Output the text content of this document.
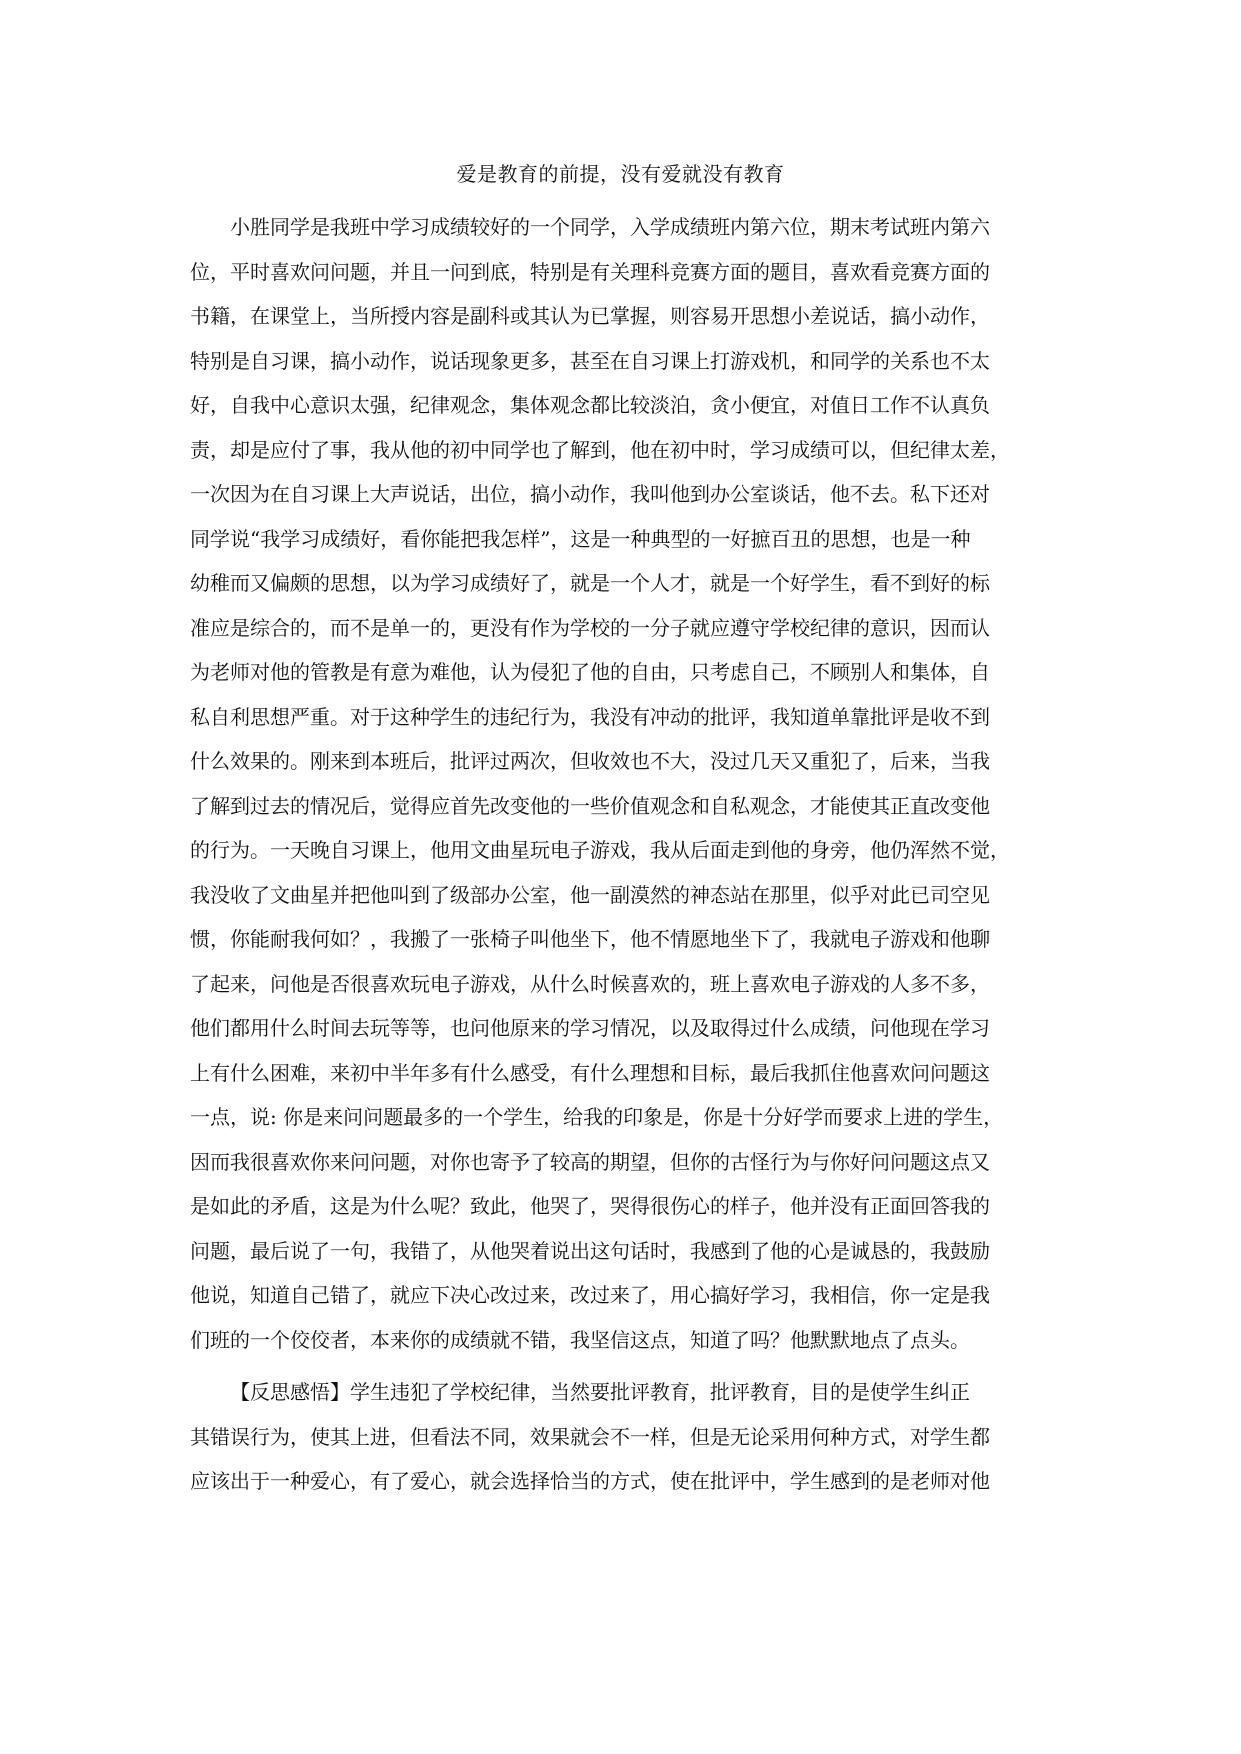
爱是教育的前提，没有爱就没有教育
小胜同学是我班中学习成绩较好的一个同学，入学成绩班内第六位，期末考试班内第六
位，平时喜欢问问题，并且一问到底，特别是有关理科竞赛方面的题目，喜欢看竞赛方面的
书籍，在课堂上，当所授内容是副科或其认为已掌握，则容易开思想小差说话，搞小动作，
特别是自习课，搞小动作，说话现象更多，甚至在自习课上打游戏机，和同学的关系也不太
好，自我中心意识太强，纪律观念，集体观念都比较淡泊，贪小便宜，对值日工作不认真负
责，却是应付了事，我从他的初中同学也了解到，他在初中时，学习成绩可以，但纪律太差，
一次因为在自习课上大声说话，出位，搞小动作，我叫他到办公室谈话，他不去。私下还对
同学说“我学习成绩好，看你能把我怎样”，这是一种典型的一好摭百丑的思想，也是一种
幼稚而又偏颇的思想，以为学习成绩好了，就是一个人才，就是一个好学生，看不到好的标
准应是综合的，而不是单一的，更没有作为学校的一分子就应遵守学校纪律的意识，因而认
为老师对他的管教是有意为难他，认为侵犯了他的自由，只考虑自己，不顾别人和集体，自
私自利思想严重。对于这种学生的违纪行为，我没有冲动的批评，我知道单靠批评是收不到
什么效果的。刚来到本班后，批评过两次，但收效也不大，没过几天又重犯了，后来，当我
了解到过去的情况后，觉得应首先改变他的一些价值观念和自私观念，才能使其正直改变他
的行为。一天晚自习课上，他用文曲星玩电子游戏，我从后面走到他的身旁，他仍浑然不觉，
我没收了文曲星并把他叫到了级部办公室，他一副漠然的神态站在那里，似乎对此已司空见
惯，你能耐我何如？，我搬了一张椅子叫他坐下，他不情愿地坐下了，我就电子游戏和他聊
了起来，问他是否很喜欢玩电子游戏，从什么时候喜欢的，班上喜欢电子游戏的人多不多，
他们都用什么时间去玩等等，也问他原来的学习情况，以及取得过什么成绩，问他现在学习
上有什么困难，来初中半年多有什么感受，有什么理想和目标，最后我抓住他喜欢问问题这
一点，说: 你是来问问题最多的一个学生，给我的印象是，你是十分好学而要求上进的学生，
因而我很喜欢你来问问题，对你也寄予了较高的期望，但你的古怪行为与你好问问题这点又
是如此的矛盾，这是为什么呢？致此，他哭了，哭得很伤心的样子，他并没有正面回答我的
问题，最后说了一句，我错了，从他哭着说出这句话时，我感到了他的心是诚恳的，我鼓励
他说，知道自己错了，就应下决心改过来，改过来了，用心搞好学习，我相信，你一定是我
们班的一个佼佼者，本来你的成绩就不错，我坚信这点，知道了吗？他默默地点了点头。
【反思感悟】学生违犯了学校纪律，当然要批评教育，批评教育，目的是使学生纠正
其错误行为，使其上进，但看法不同，效果就会不一样，但是无论采用何种方式，对学生都
应该出于一种爱心，有了爱心，就会选择恰当的方式，使在批评中，学生感到的是老师对他
